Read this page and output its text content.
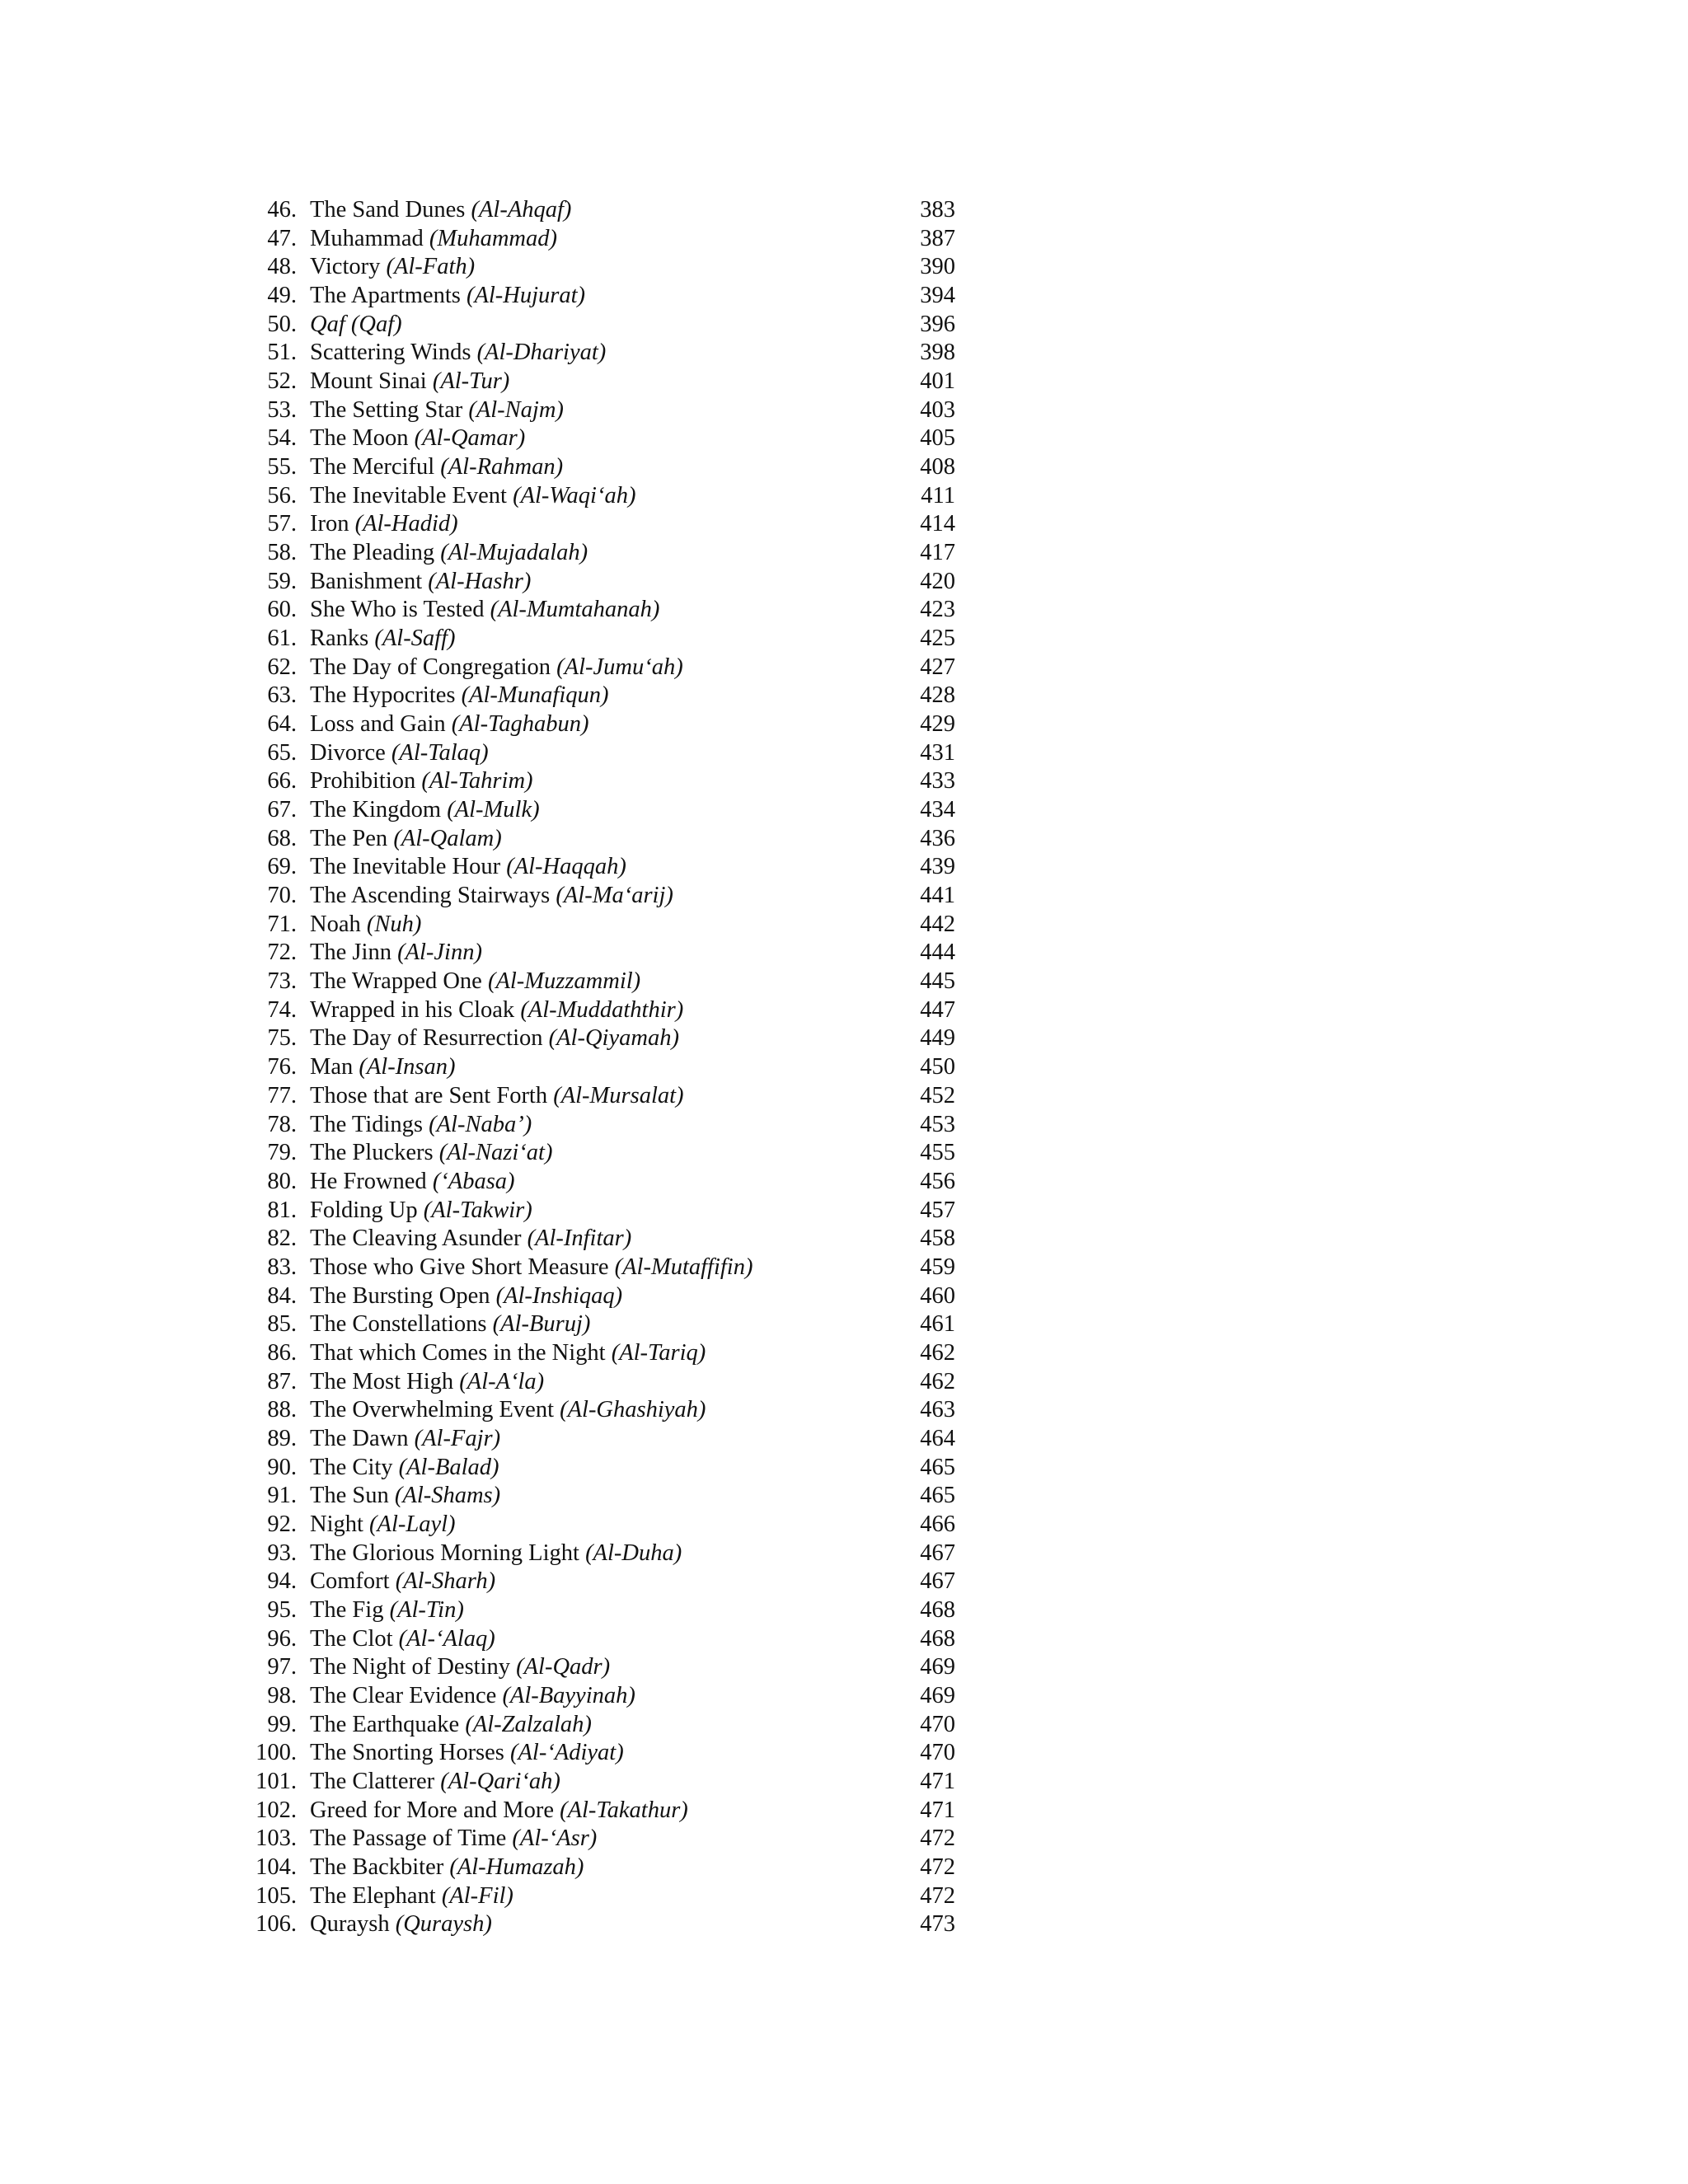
46. The Sand Dunes (Al-Ahqaf)	383
47. Muhammad (Muhammad)	387
48. Victory (Al-Fath)	390
49. The Apartments (Al-Hujurat)	394
50. Qaf (Qaf)	396
51. Scattering Winds (Al-Dhariyat)	398
52. Mount Sinai (Al-Tur)	401
53. The Setting Star (Al-Najm)	403
54. The Moon (Al-Qamar)	405
55. The Merciful (Al-Rahman)	408
56. The Inevitable Event (Al-Waqi‘ah)	411
57. Iron (Al-Hadid)	414
58. The Pleading (Al-Mujadalah)	417
59. Banishment (Al-Hashr)	420
60. She Who is Tested (Al-Mumtahanah)	423
61. Ranks (Al-Saff)	425
62. The Day of Congregation (Al-Jumu‘ah)	427
63. The Hypocrites (Al-Munafiqun)	428
64. Loss and Gain (Al-Taghabun)	429
65. Divorce (Al-Talaq)	431
66. Prohibition (Al-Tahrim)	433
67. The Kingdom (Al-Mulk)	434
68. The Pen (Al-Qalam)	436
69. The Inevitable Hour (Al-Haqqah)	439
70. The Ascending Stairways (Al-Ma‘arij)	441
71. Noah (Nuh)	442
72. The Jinn (Al-Jinn)	444
73. The Wrapped One (Al-Muzzammil)	445
74. Wrapped in his Cloak (Al-Muddaththir)	447
75. The Day of Resurrection (Al-Qiyamah)	449
76. Man (Al-Insan)	450
77. Those that are Sent Forth (Al-Mursalat)	452
78. The Tidings (Al-Naba’)	453
79. The Pluckers (Al-Nazi‘at)	455
80. He Frowned (‘Abasa)	456
81. Folding Up (Al-Takwir)	457
82. The Cleaving Asunder (Al-Infitar)	458
83. Those who Give Short Measure (Al-Mutaffifin)	459
84. The Bursting Open (Al-Inshiqaq)	460
85. The Constellations (Al-Buruj)	461
86. That which Comes in the Night (Al-Tariq)	462
87. The Most High (Al-A‘la)	462
88. The Overwhelming Event (Al-Ghashiyah)	463
89. The Dawn (Al-Fajr)	464
90. The City (Al-Balad)	465
91. The Sun (Al-Shams)	465
92. Night (Al-Layl)	466
93. The Glorious Morning Light (Al-Duha)	467
94. Comfort (Al-Sharh)	467
95. The Fig (Al-Tin)	468
96. The Clot (Al-‘Alaq)	468
97. The Night of Destiny (Al-Qadr)	469
98. The Clear Evidence (Al-Bayyinah)	469
99. The Earthquake (Al-Zalzalah)	470
100. The Snorting Horses (Al-‘Adiyat)	470
101. The Clatterer (Al-Qari‘ah)	471
102. Greed for More and More (Al-Takathur)	471
103. The Passage of Time (Al-‘Asr)	472
104. The Backbiter (Al-Humazah)	472
105. The Elephant (Al-Fil)	472
106. Quraysh (Quraysh)	473
